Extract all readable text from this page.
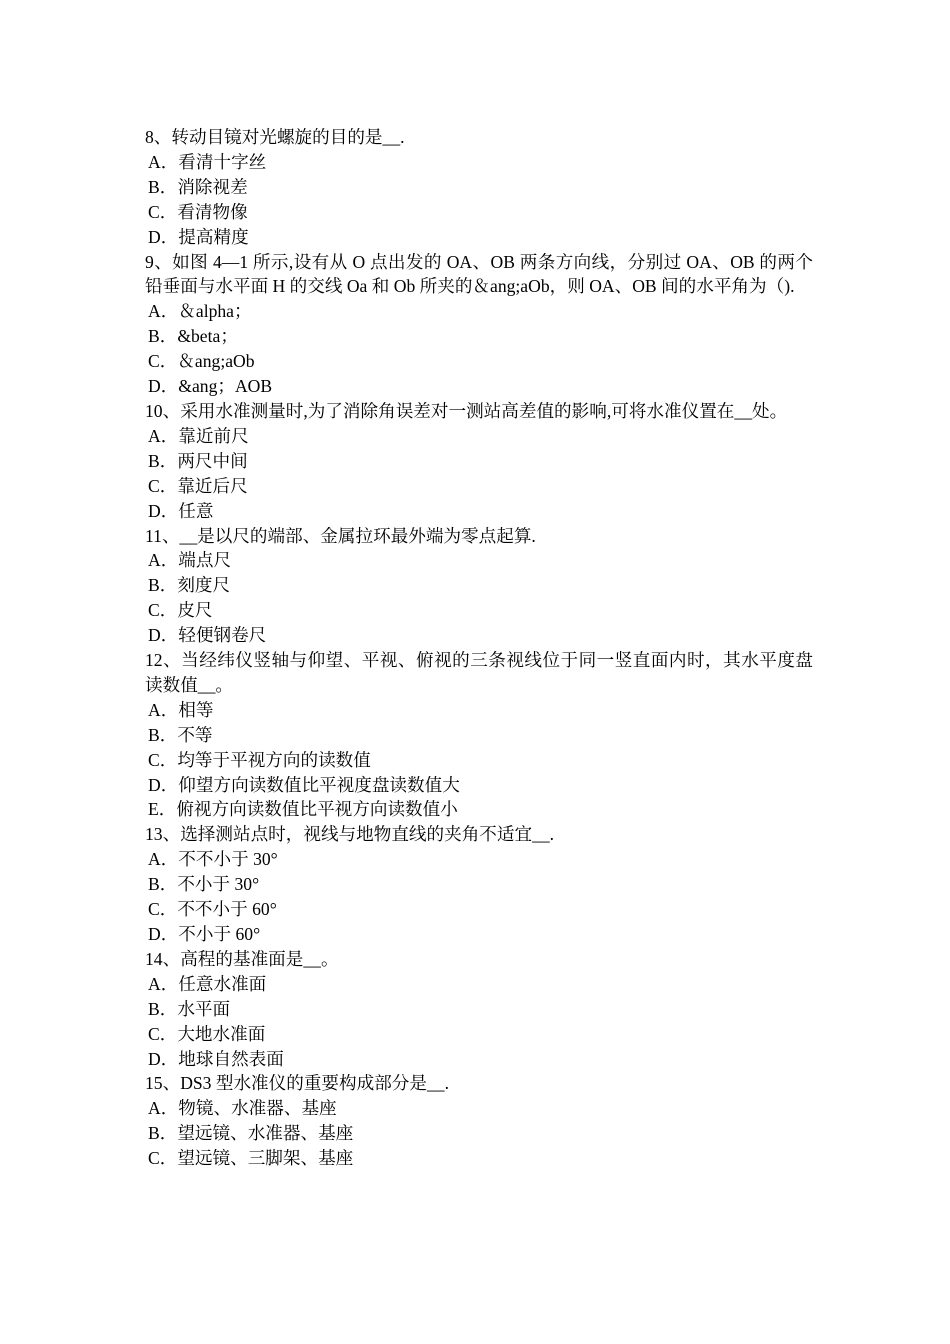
8、转动目镜对光螺旋的目的是__.

A．看清十字丝

B．消除视差

C．看清物像

D．提高精度

9、如图 4—1 所示,设有从 O 点出发的 OA、OB 两条方向线，分别过 OA、OB 的两个铅垂面与水平面 H 的交线 Oa 和 Ob 所夹的＆ang;aOb，则 OA、OB 间的水平角为（).

A．＆alpha；

B．&beta；

C．＆ang;aOb

D．&ang；AOB

10、采用水准测量时,为了消除角误差对一测站高差值的影响,可将水准仪置在__处。

A．靠近前尺

B．两尺中间

C．靠近后尺

D．任意

11、__是以尺的端部、金属拉环最外端为零点起算.

A．端点尺

B．刻度尺

C．皮尺

D．轻便钢卷尺

12、当经纬仪竖轴与仰望、平视、俯视的三条视线位于同一竖直面内时，其水平度盘读数值__。

A．相等

B．不等

C．均等于平视方向的读数值

D．仰望方向读数值比平视度盘读数值大

E．俯视方向读数值比平视方向读数值小

13、选择测站点时，视线与地物直线的夹角不适宜__.

A．不不小于 30°

B．不小于 30°

C．不不小于 60°

D．不小于 60°

14、高程的基准面是__。

A．任意水准面

B．水平面

C．大地水准面

D．地球自然表面

15、DS3 型水准仪的重要构成部分是__.

A．物镜、水准器、基座

B．望远镜、水准器、基座

C．望远镜、三脚架、基座
